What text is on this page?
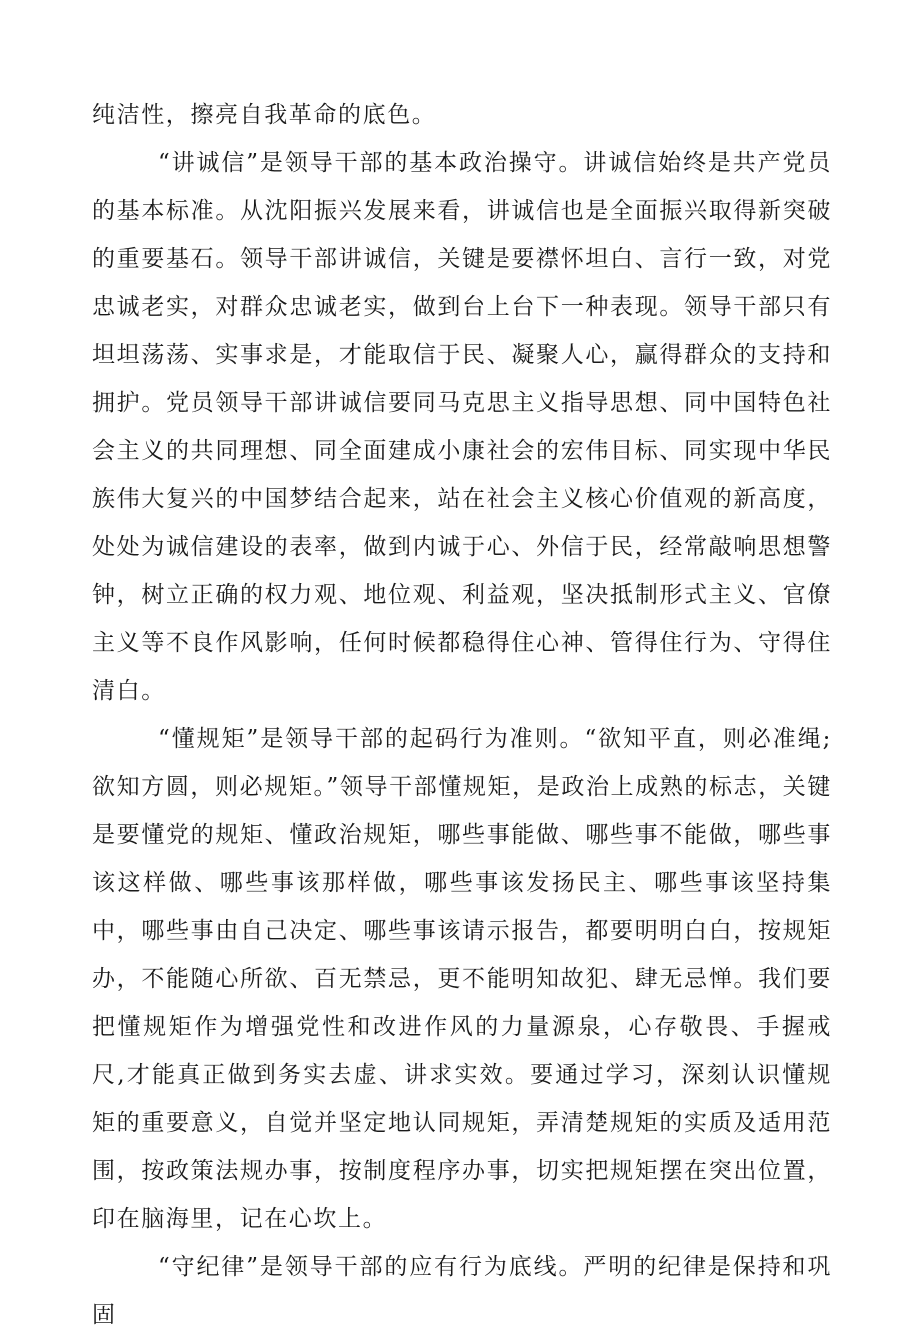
纯洁性，擦亮自我革命的底色。

“讲诚信”是领导干部的基本政治操守。讲诚信始终是共产党员的基本标准。从沈阳振兴发展来看，讲诚信也是全面振兴取得新突破的重要基石。领导干部讲诚信，关键是要襟怀坦白、言行一致，对党忠诚老实，对群众忠诚老实，做到台上台下一种表现。领导干部只有坦坦荡荡、实事求是，才能取信于民、凝聚人心，赢得群众的支持和拥护。党员领导干部讲诚信要同马克思主义指导思想、同中国特色社会主义的共同理想、同全面建成小康社会的宏伟目标、同实现中华民族伟大复兴的中国梦结合起来，站在社会主义核心价值观的新高度，处处为诚信建设的表率，做到内诚于心、外信于民，经常敲响思想警钟，树立正确的权力观、地位观、利益观，坚决抵制形式主义、官僚主义等不良作风影响，任何时候都稳得住心神、管得住行为、守得住清白。

“懂规矩”是领导干部的起码行为准则。“欲知平直，则必准绳;欲知方圆，则必规矩。”领导干部懂规矩，是政治上成熟的标志，关键是要懂党的规矩、懂政治规矩，哪些事能做、哪些事不能做，哪些事该这样做、哪些事该那样做，哪些事该发扬民主、哪些事该坚持集中，哪些事由自己决定、哪些事该请示报告，都要明明白白，按规矩办，不能随心所欲、百无禁忌，更不能明知故犯、肆无忌惮。我们要把懂规矩作为增强党性和改进作风的力量源泉，心存敬畏、手握戒尺,才能真正做到务实去虚、讲求实效。要通过学习，深刻认识懂规矩的重要意义，自觉并坚定地认同规矩，弄清楚规矩的实质及适用范围，按政策法规办事，按制度程序办事，切实把规矩摆在突出位置，印在脑海里，记在心坎上。

“守纪律”是领导干部的应有行为底线。严明的纪律是保持和巩固
